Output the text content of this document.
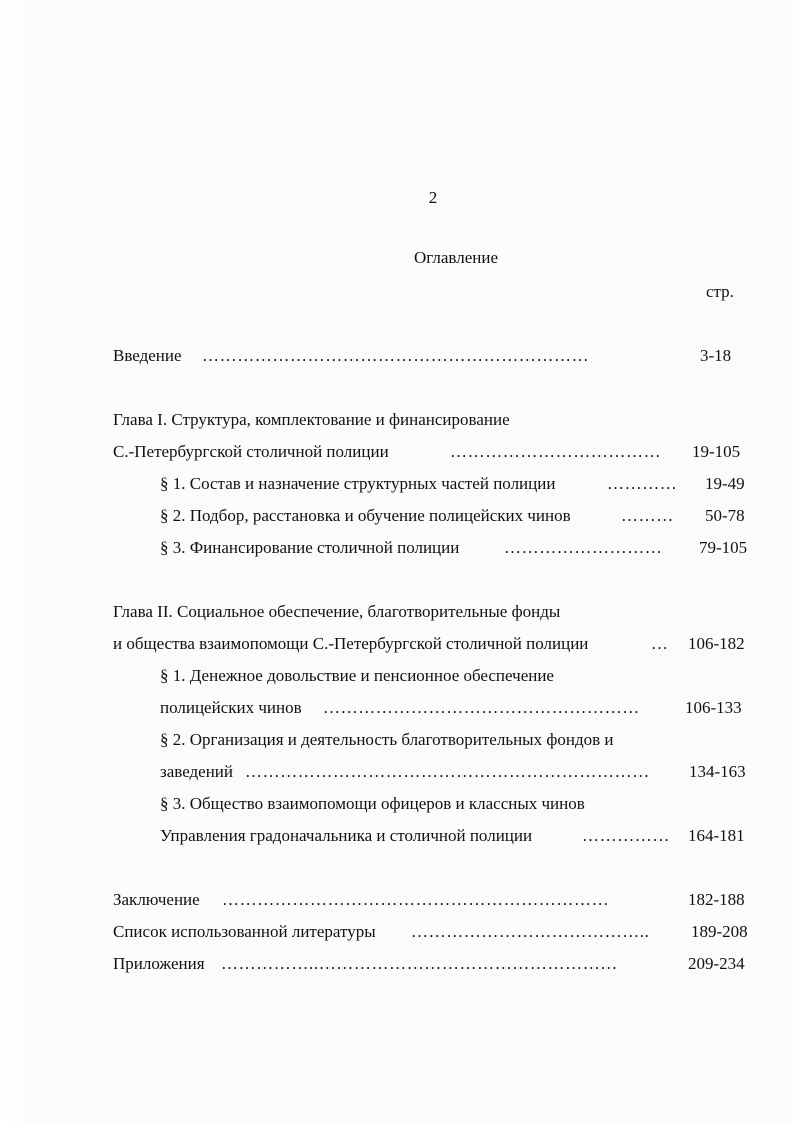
2
Оглавление
стр.
Введение …………………………………………………………	3-18
Глава I. Структура, комплектование и финансирование
С.-Петербургской столичной полиции	……………………………… 19-105
§ 1. Состав и назначение структурных частей полиции	………… 19-49
§ 2. Подбор, расстановка и обучение полицейских чинов	……… 50-78
§ 3. Финансирование столичной полиции	……………………… 79-105
Глава II. Социальное обеспечение, благотворительные фонды
и общества взаимопомощи С.-Петербургской столичной полиции	… 106-182
§ 1. Денежное довольствие и пенсионное обеспечение
полицейских чинов ………………………………………………	106-133
§ 2. Организация и деятельность благотворительных фондов и
заведений …………………………………………………………… 134-163
§ 3. Общество взаимопомощи офицеров и классных чинов
Управления градоначальника и столичной полиции	…………… 164-181
Заключение …………………………………………………………	182-188
Список использованной литературы ………………………………….. 189-208
Приложения ……………..……………………………………………	209-234
